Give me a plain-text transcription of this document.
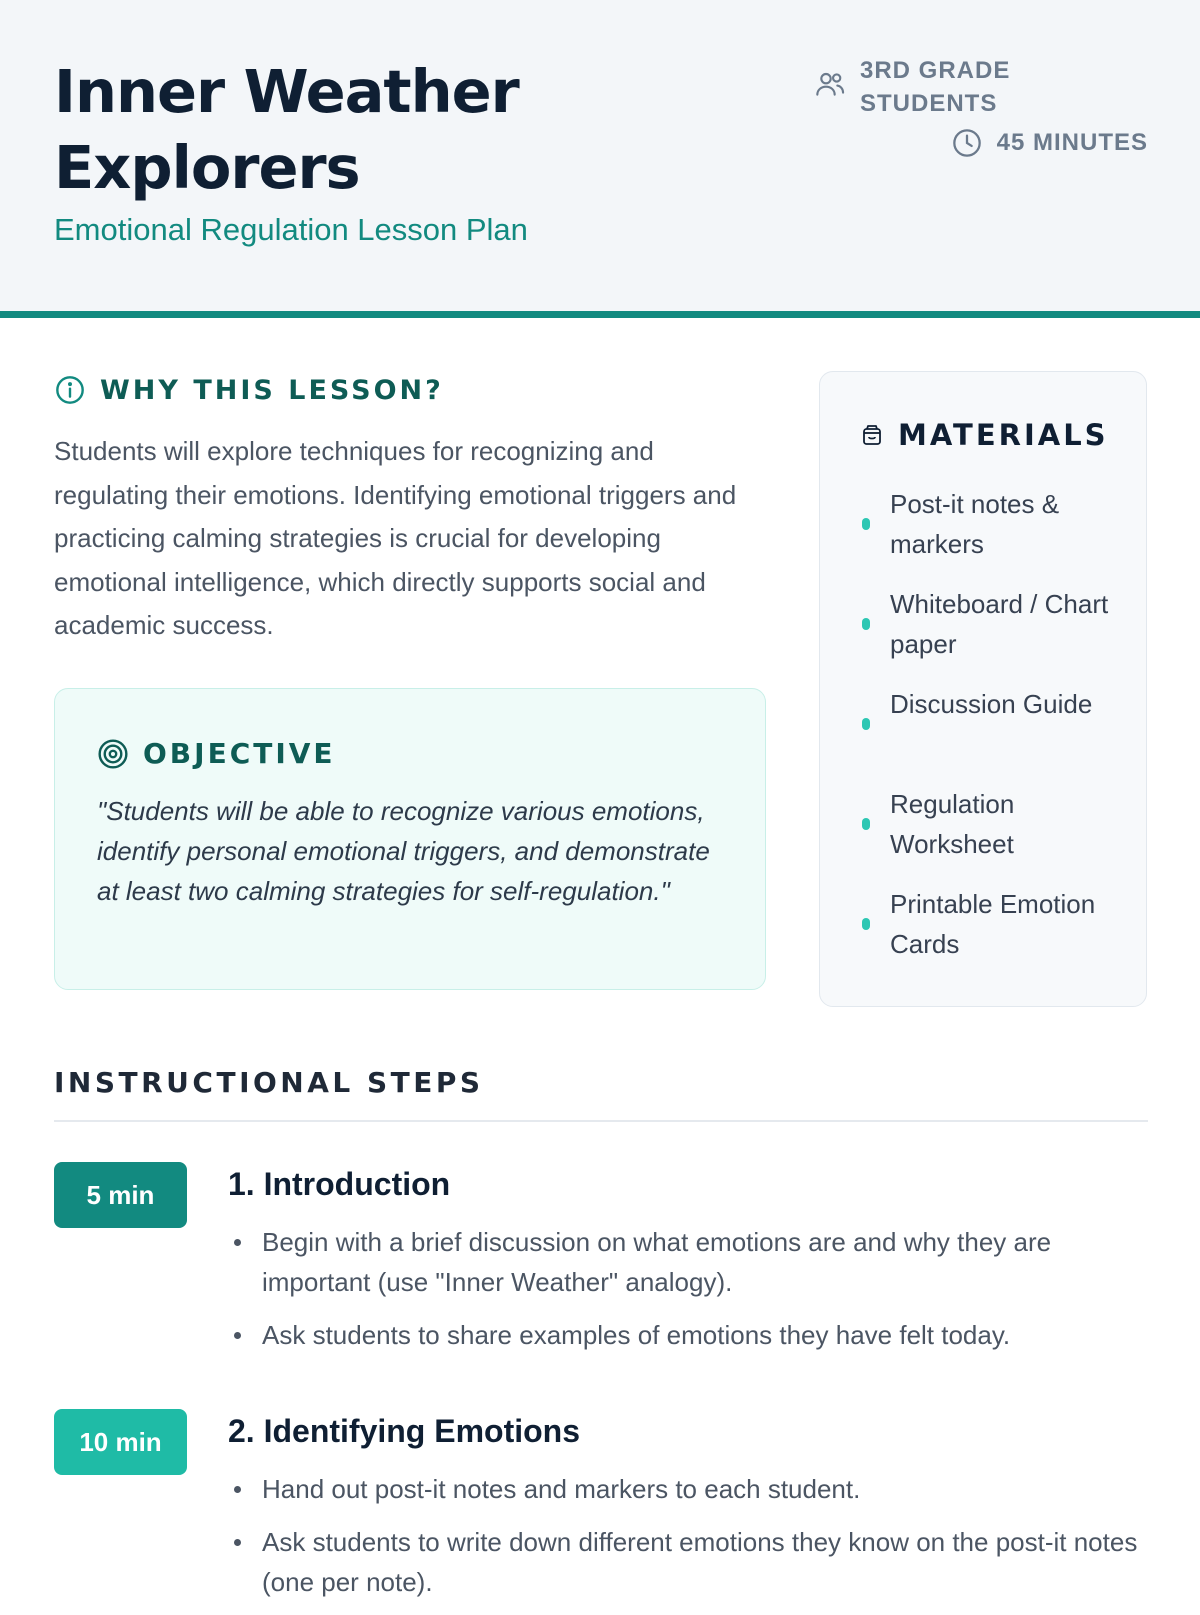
Inner Weather Explorers
Emotional Regulation Lesson Plan
3RD GRADE STUDENTS
45 MINUTES
WHY THIS LESSON?

Students will explore techniques for recognizing and regulating their emotions. Identifying emotional triggers and practicing calming strategies is crucial for developing emotional intelligence, which directly supports social and academic success.

OBJECTIVE

"Students will be able to recognize various emotions, identify personal emotional triggers, and demonstrate at least two calming strategies for self-regulation."

MATERIALS
Post-it notes & markers
Whiteboard / Chart paper
Discussion Guide
Regulation Worksheet
Printable Emotion Cards
INSTRUCTIONAL STEPS
5 min	1. Introduction
Begin with a brief discussion on what emotions are and why they are important (use "Inner Weather" analogy).
Ask students to share examples of emotions they have felt today.
10 min	2. Identifying Emotions
Hand out post-it notes and markers to each student.
Ask students to write down different emotions they know on the post-it notes (one per note).
